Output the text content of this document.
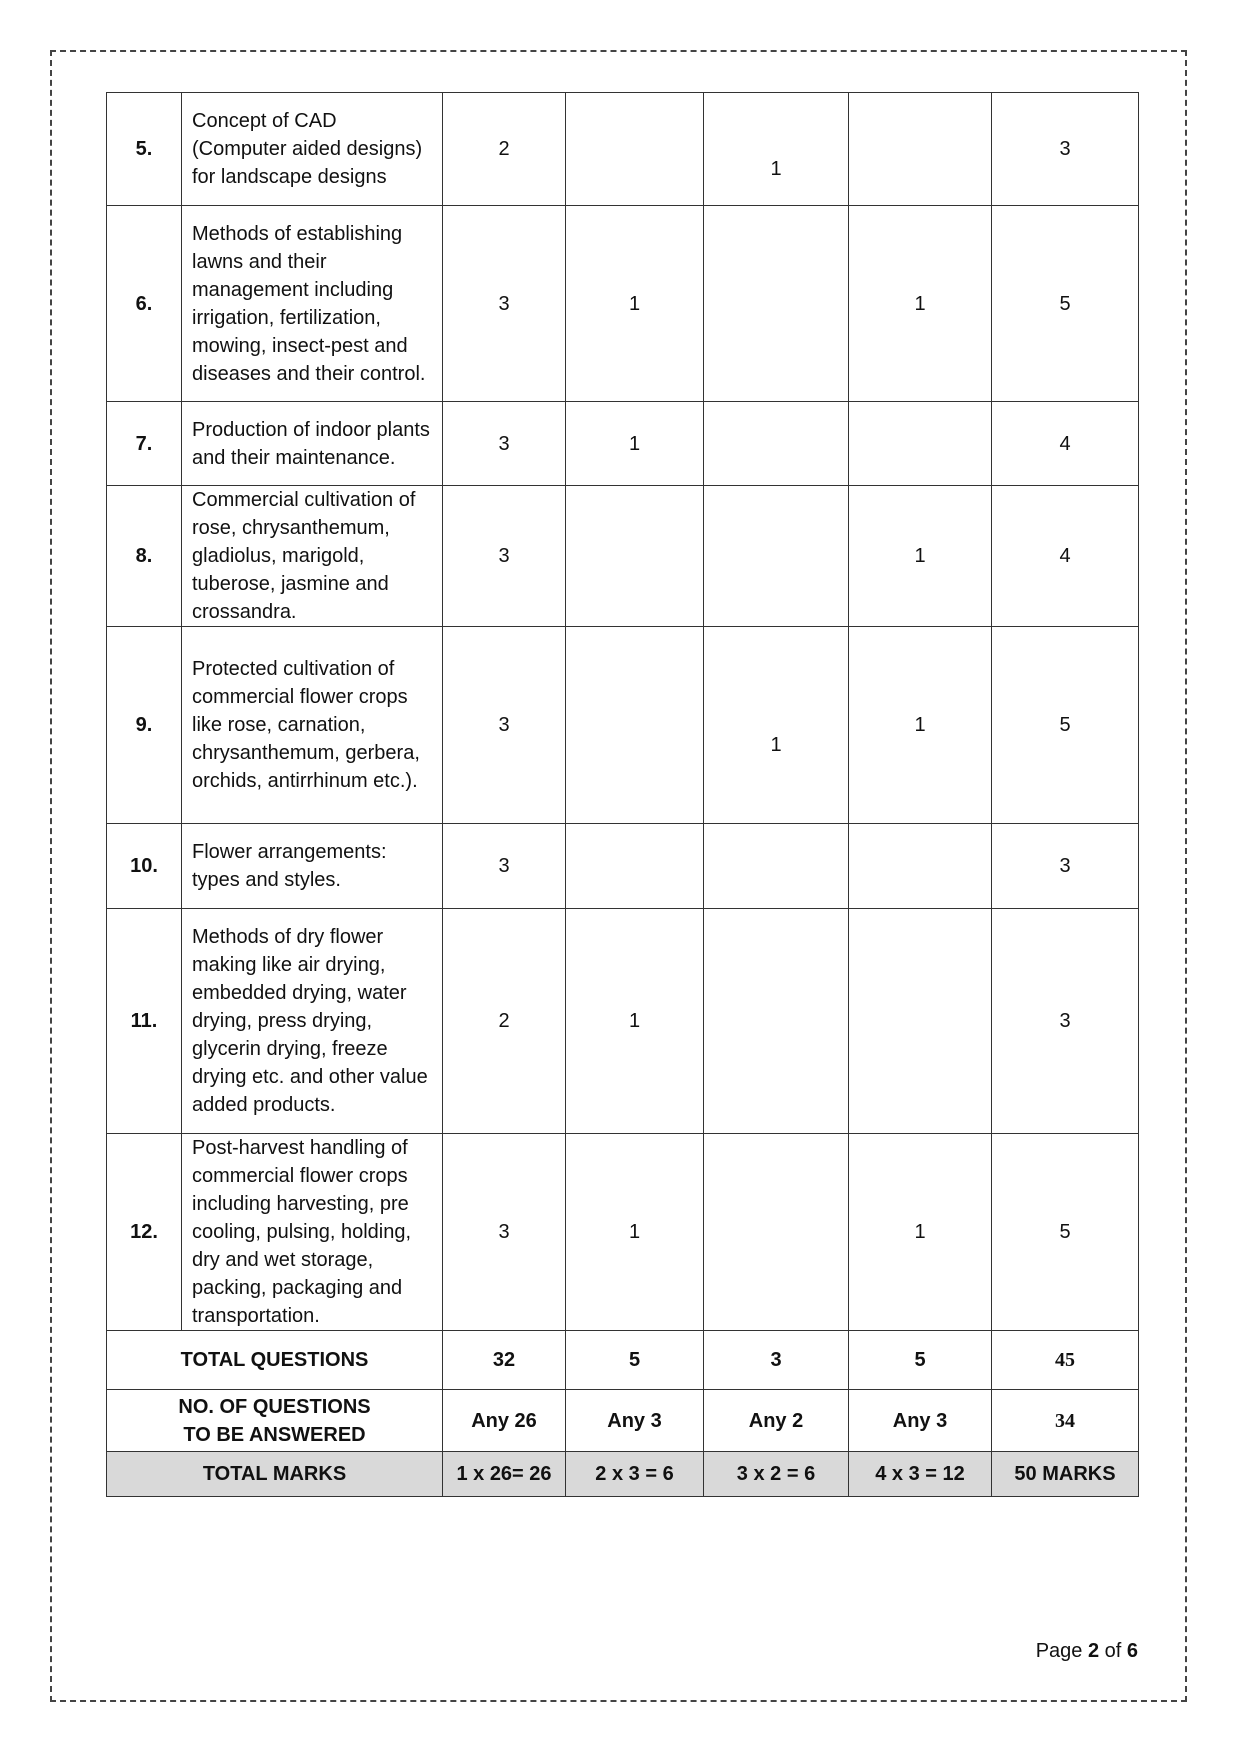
5.	Concept of CAD (Computer aided designs) for landscape designs	2		1		3
6.	Methods of establishing lawns and their management including irrigation, fertilization, mowing, insect-pest and diseases and their control.	3	1		1	5
7.	Production of indoor plants and their maintenance.	3	1			4
8.	Commercial cultivation of rose, chrysanthemum, gladiolus, marigold, tuberose, jasmine and crossandra.	3			1	4
9.	Protected cultivation of commercial flower crops like rose, carnation, chrysanthemum, gerbera, orchids, antirrhinum etc.).	3		1	1	5
10.	Flower arrangements: types and styles.	3				3
11.	Methods of dry flower making like air drying, embedded drying, water drying, press drying, glycerin drying, freeze drying etc. and other value added products.	2	1			3
12.	Post-harvest handling of commercial flower crops including harvesting, pre cooling, pulsing, holding, dry and wet storage, packing, packaging and transportation.	3	1		1	5
TOTAL QUESTIONS		32	5	3	5	45

NO. OF QUESTIONS
TO BE ANSWERED		Any 26	Any 3	Any 2	Any 3	34
TOTAL MARKS		1 x 26= 26	2 x 3 = 6	3 x 2 = 6	4 x 3 = 12	50 MARKS
Page 2 of 6
